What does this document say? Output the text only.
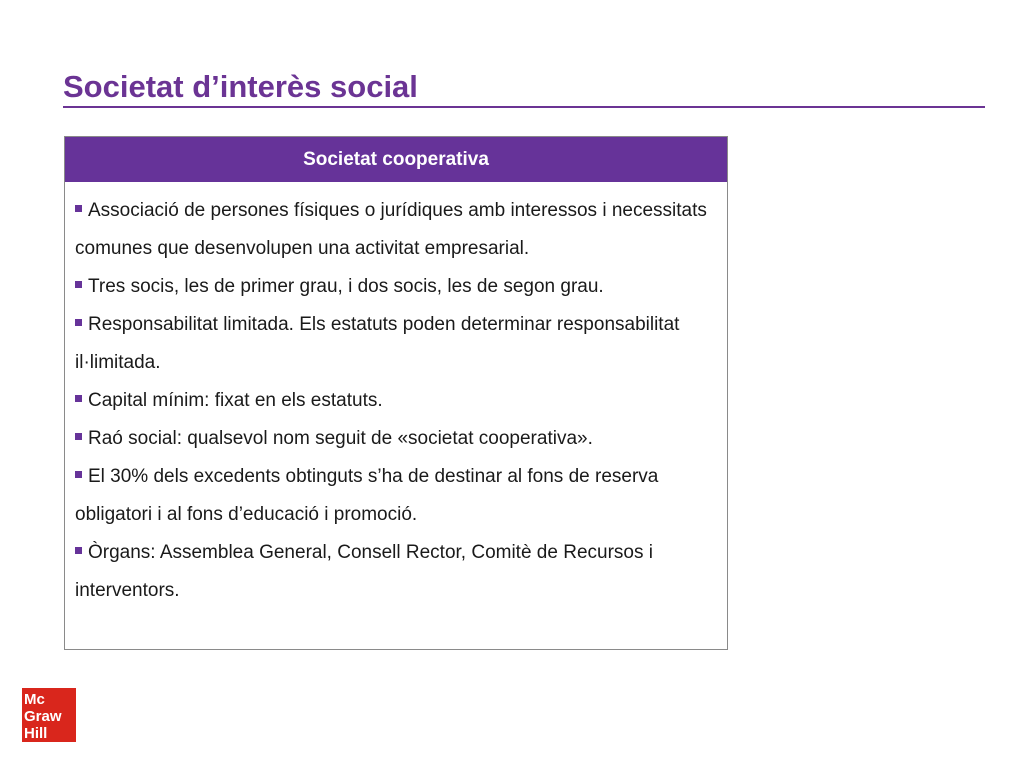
Societat d’interès social
Societat cooperativa
Associació de persones físiques o jurídiques amb interessos i necessitats comunes que desenvolupen una activitat empresarial.
Tres socis, les de primer grau, i dos socis, les de segon grau.
Responsabilitat limitada. Els estatuts poden determinar responsabilitat il·limitada.
Capital mínim: fixat en els estatuts.
Raó social: qualsevol nom seguit de «societat cooperativa».
El 30% dels excedents obtinguts s’ha de destinar al fons de reserva obligatori i al fons d’educació i promoció.
Òrgans: Assemblea General, Consell Rector, Comitè de Recursos i interventors.
Mc
Graw
Hill
